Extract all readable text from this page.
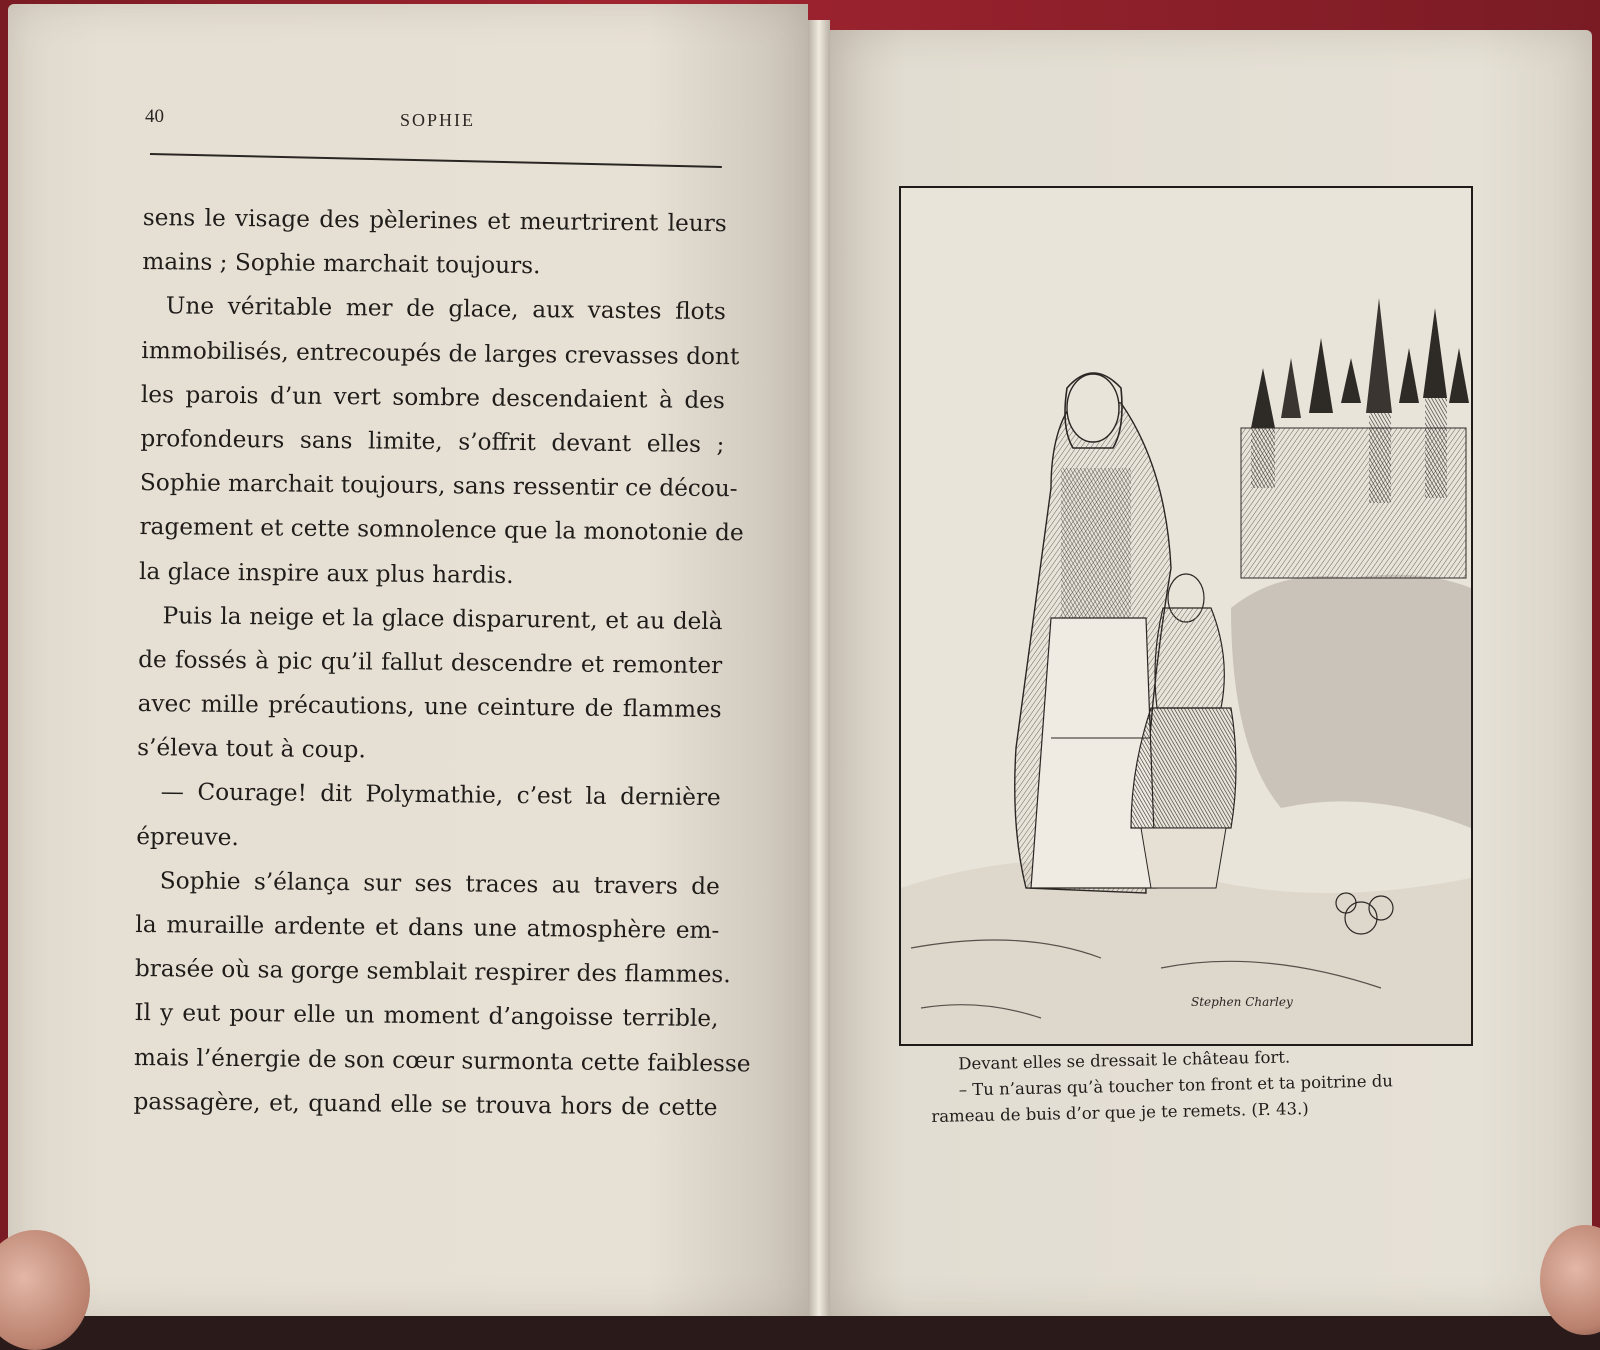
40	SOPHIE
sens le visage des pèlerines et meurtrirent leurs
mains ; Sophie marchait toujours.
Une véritable mer de glace, aux vastes flots
immobilisés, entrecoupés de larges crevasses dont
les parois d’un vert sombre descendaient à des
profondeurs sans limite, s’offrit devant elles ;
Sophie marchait toujours, sans ressentir ce décou-
ragement et cette somnolence que la monotonie de
la glace inspire aux plus hardis.
Puis la neige et la glace disparurent, et au delà
de fossés à pic qu’il fallut descendre et remonter
avec mille précautions, une ceinture de flammes
s’éleva tout à coup.
— Courage! dit Polymathie, c’est la dernière
épreuve.
Sophie s’élança sur ses traces au travers de
la muraille ardente et dans une atmosphère em-
brasée où sa gorge semblait respirer des flammes.
Il y eut pour elle un moment d’angoisse terrible,
mais l’énergie de son cœur surmonta cette faiblesse
passagère, et, quand elle se trouva hors de cette
Stephen Charley
Devant elles se dressait le château fort.
– Tu n’auras qu’à toucher ton front et ta poitrine du
rameau de buis d’or que je te remets. (P. 43.)
